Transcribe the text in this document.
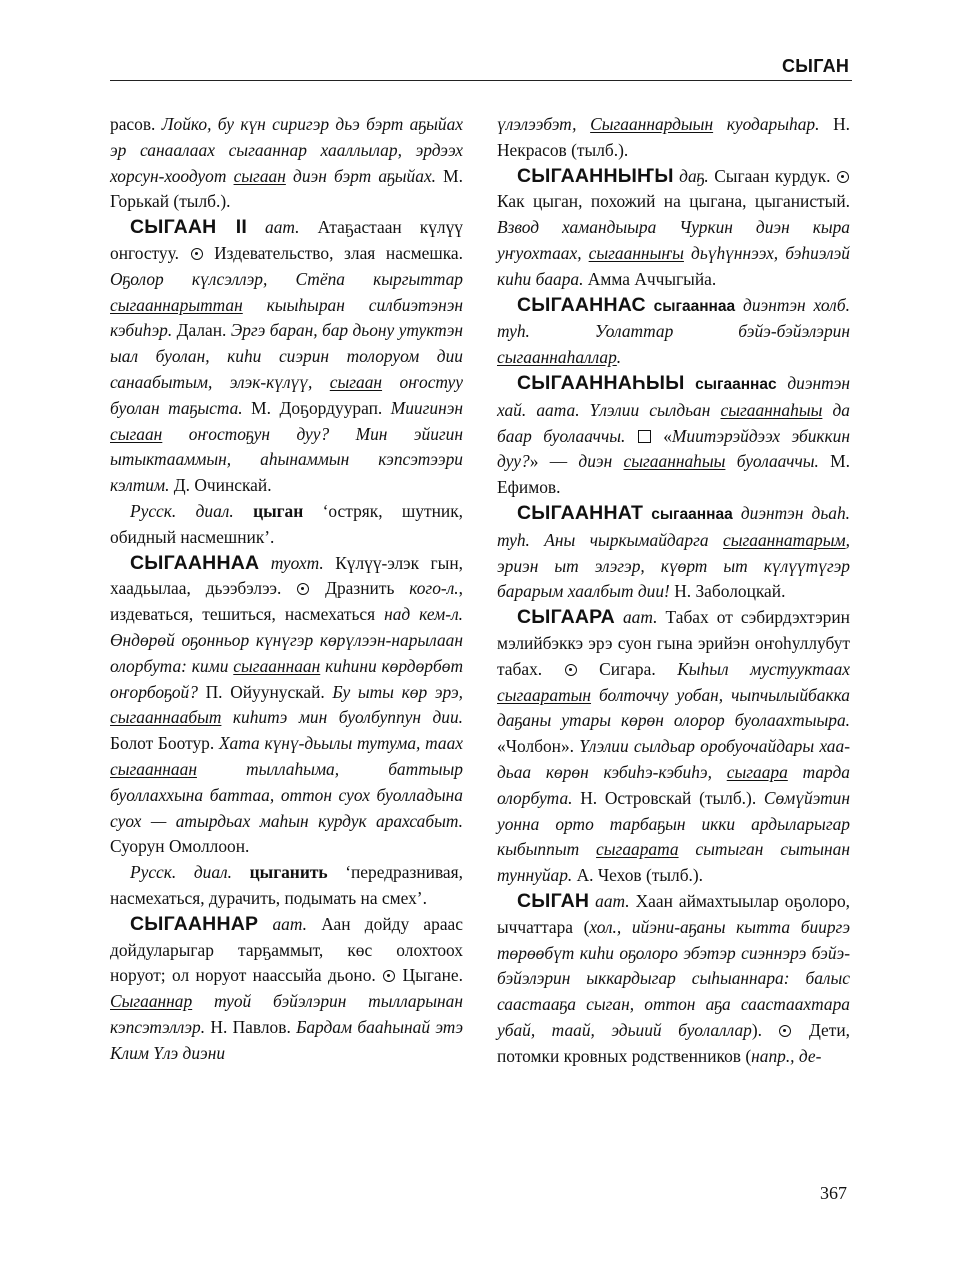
СЫГАН

расов. Лойко, бу күн сиригэр дьэ бэрт аҕыйах эр санаалаах сыгааннар хааллылар, эрдээх хорсун-хоодуот сыгаан диэн бэрт аҕыйах. М. Горькай (тылб.).

СЫГААН II аат. Атаҕастаан күлүү онгостуу.  Издевательство, злая насмешка. Оҕолор күлсэллэр, Стёпа кыргыттар сыгааннарыттан кыыһыран силбиэтэнэн кэбиһэр. Далан. Эргэ баран, бар дьону утуктэн ыал буолан, киһи сиэрин толоруом дии санаабытым, элэк-күлүү, сыгаан оҥостуу буолан таҕыста. М. Доҕордуурап. Миигинэн сыгаан оҥостоҕун дуу? Мин эйигин ытыктааммын, аһынаммын кэпсэтээри кэлтим. Д. Очинскай.

Русск. диал. цыган ‘остряк, шутник, обидный насмешник’.

СЫГААННАА туохт. Күлүү-элэк гын, хаадьылаа, дьээбэлээ.  Дразнить кого-л., издеваться, тешиться, насмехаться над кем-л. Өндөрөй оҕонньор күнүгэр көрүлээн-нарылаан олорбута: кими сыгааннаан киһини көрдөрбөт оҥорбоҕой? П. Ойуунускай. Бу ыты көр эрэ, сыгааннаабыт киһитэ мин буолбуппун дии. Болот Боотур. Хата күнү-дьылы тутума, таах сыгааннаан тыллаһыма, баттыыр буоллаххына баттаа, оттон суох буолладына суох — атырдьах маһын курдук арахсабыт. Суорун Омоллоон.

Русск. диал. цыганить ‘передразнивая, насмехаться, дурачить, подымать на смех’.

СЫГААННАР аат. Аан дойду араас дойдуларыгар тарҕаммыт, көс олохтоох норуот; ол норуот наассыйа дьоно.  Цыгане. Сыгааннар туой бэйэлэрин тылларынан кэпсэтэллэр. Н. Павлов. Бардам бааһынай этэ Клим Үлэ диэни

үлэлээбэт, Сыгааннардыын куодарыһар. Н. Некрасов (тылб.).

СЫГААННЫҤЫ даҕ. Сыгаан курдук.  Как цыган, похожий на цыгана, цыганистый. Взвод хамандыыра Чуркин диэн кыра уҥуохтаах, сыгаанныҥы дьүһүннээх, бэһиэлэй киһи баара. Амма Аччыгыйа.

СЫГААННАС сыгааннаа диэнтэн холб. туһ. Уолаттар бэйэ-бэйэлэрин сыгааннаһаллар.

СЫГААННАҺЫЫ сыгааннас диэнтэн хай. аата. Үлэлии сылдьан сыгааннаһыы да баар буолааччы.  «Миитэрэйдээх эбиккин дуу?» — диэн сыгааннаһыы буолааччы. М. Ефимов.

СЫГААННАТ сыгааннаа диэнтэн дьаһ. туһ. Аны чыркымайдарга сыгааннатарым, эриэн ыт элэгэр, күөрт ыт күлүүтүгэр барарым хаалбыт дии! Н. Заболоцкай.

СЫГААРА аат. Табах от сэбирдэхтэрин мэлийбэккэ эрэ суон гына эрийэн оҥоһуллубут табах.  Сигара. Кыһыл мустууктаах сыгааратын болточчу уобан, чыпчылыйбакка даҕаны утары көрөн олорор буолаахтыыра. «Чолбон». Үлэлии сылдьар оробуочайдары хаа-дьаа көрөн кэбиһэ-кэбиһэ, сыгаара тарда олорбута. Н. Островскай (тылб.). Сөмүйэтин уонна орто тарбаҕын икки ардыларыгар кыбыппыт сыгаарата сытыган сытынан туннуйар. А. Чехов (тылб.).

СЫГАН аат. Хаан аймахтыылар оҕолоро, ыччаттара (хол., ийэни-аҕаны кытта бииргэ төрөөбүт киһи оҕолоро эбэтэр сиэннэрэ бэйэ-бэйэлэрин ыккардыгар сыһыаннара: балыс саастааҕа сыган, оттон аҕа саастаахтара убай, таай, эдьиий буолаллар).  Дети, потомки кровных родственников (напр., де-

367
